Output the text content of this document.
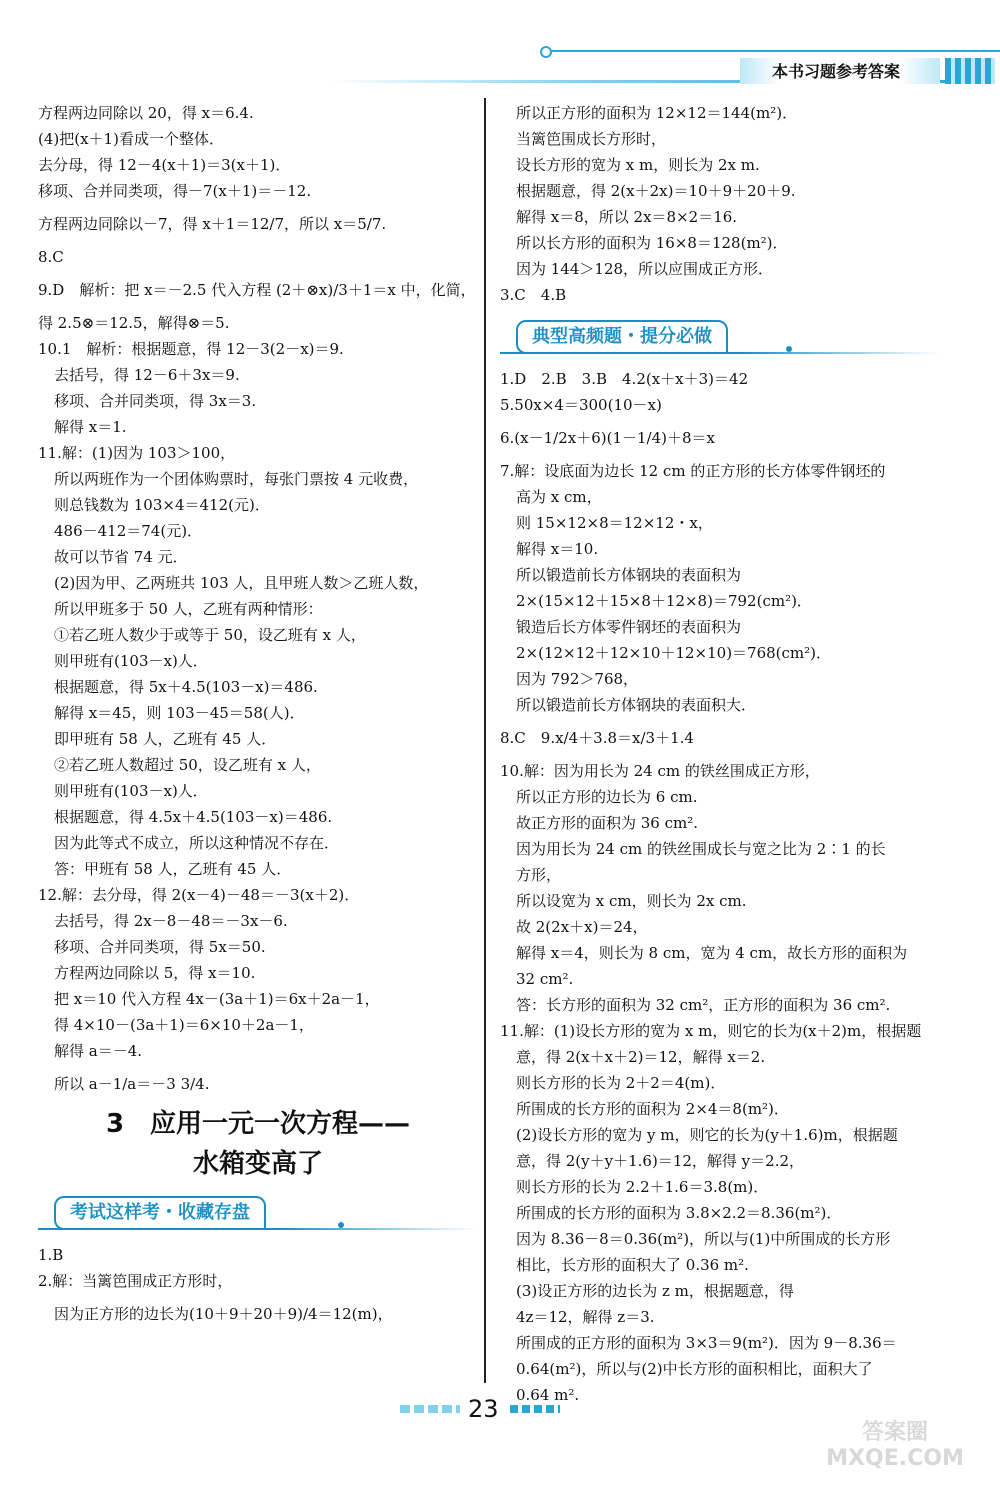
本书习题参考答案
方程两边同除以 20，得 x＝6.4.
(4)把(x＋1)看成一个整体．
去分母，得 12－4(x＋1)＝3(x＋1)．
移项、合并同类项，得－7(x＋1)＝－12.
方程两边同除以－7，得 x＋1＝12/7，所以 x＝5/7.
8.C
9.D　解析：把 x＝－2.5 代入方程 (2＋⊗x)/3＋1＝x 中，化简，
得 2.5⊗＝12.5，解得⊗＝5.
10.1　解析：根据题意，得 12－3(2－x)＝9.
去括号，得 12－6＋3x＝9.
移项、合并同类项，得 3x＝3.
解得 x＝1.
11.解：(1)因为 103＞100，
所以两班作为一个团体购票时，每张门票按 4 元收费，
则总钱数为 103×4＝412(元)．
486－412＝74(元)．
故可以节省 74 元．
(2)因为甲、乙两班共 103 人，且甲班人数＞乙班人数，
所以甲班多于 50 人，乙班有两种情形：
①若乙班人数少于或等于 50，设乙班有 x 人，
则甲班有(103－x)人．
根据题意，得 5x＋4.5(103－x)＝486.
解得 x＝45，则 103－45＝58(人)．
即甲班有 58 人，乙班有 45 人．
②若乙班人数超过 50，设乙班有 x 人，
则甲班有(103－x)人．
根据题意，得 4.5x＋4.5(103－x)＝486.
因为此等式不成立，所以这种情况不存在．
答：甲班有 58 人，乙班有 45 人．
12.解：去分母，得 2(x－4)－48＝－3(x＋2)．
去括号，得 2x－8－48＝－3x－6.
移项、合并同类项，得 5x＝50.
方程两边同除以 5，得 x＝10.
把 x＝10 代入方程 4x－(3a＋1)＝6x＋2a－1，
得 4×10－(3a＋1)＝6×10＋2a－1，
解得 a＝－4.
所以 a－1/a＝－3 3/4.
3　应用一元一次方程——
水箱变高了
考试这样考・收藏存盘
1.B
2.解：当篱笆围成正方形时，
因为正方形的边长为(10＋9＋20＋9)/4＝12(m)，
所以正方形的面积为 12×12＝144(m²)．
当篱笆围成长方形时，
设长方形的宽为 x m，则长为 2x m.
根据题意，得 2(x＋2x)＝10＋9＋20＋9.
解得 x＝8，所以 2x＝8×2＝16.
所以长方形的面积为 16×8＝128(m²)．
因为 144＞128，所以应围成正方形．
3.C　4.B
典型高频题・提分必做
1.D　2.B　3.B　4.2(x＋x＋3)＝42
5.50x×4＝300(10－x)
6.(x－1/2x＋6)(1－1/4)＋8＝x
7.解：设底面为边长 12 cm 的正方形的长方体零件钢坯的
高为 x cm，
则 15×12×8＝12×12・x，
解得 x＝10.
所以锻造前长方体钢块的表面积为
2×(15×12＋15×8＋12×8)＝792(cm²)．
锻造后长方体零件钢坯的表面积为
2×(12×12＋12×10＋12×10)＝768(cm²)．
因为 792＞768，
所以锻造前长方体钢块的表面积大．
8.C　9.x/4＋3.8＝x/3＋1.4
10.解：因为用长为 24 cm 的铁丝围成正方形，
所以正方形的边长为 6 cm.
故正方形的面积为 36 cm².
因为用长为 24 cm 的铁丝围成长与宽之比为 2∶1 的长
方形，
所以设宽为 x cm，则长为 2x cm.
故 2(2x＋x)＝24，
解得 x＝4，则长为 8 cm，宽为 4 cm，故长方形的面积为
32 cm².
答：长方形的面积为 32 cm²，正方形的面积为 36 cm².
11.解：(1)设长方形的宽为 x m，则它的长为(x＋2)m，根据题
意，得 2(x＋x＋2)＝12，解得 x＝2.
则长方形的长为 2＋2＝4(m)．
所围成的长方形的面积为 2×4＝8(m²)．
(2)设长方形的宽为 y m，则它的长为(y＋1.6)m，根据题
意，得 2(y＋y＋1.6)＝12，解得 y＝2.2，
则长方形的长为 2.2＋1.6＝3.8(m)．
所围成的长方形的面积为 3.8×2.2＝8.36(m²)．
因为 8.36－8＝0.36(m²)，所以与(1)中所围成的长方形
相比，长方形的面积大了 0.36 m².
(3)设正方形的边长为 z m，根据题意，得
4z＝12，解得 z＝3.
所围成的正方形的面积为 3×3＝9(m²)．因为 9－8.36＝
0.64(m²)，所以与(2)中长方形的面积相比，面积大了
0.64 m².
23
答案圈
MXQE.COM
